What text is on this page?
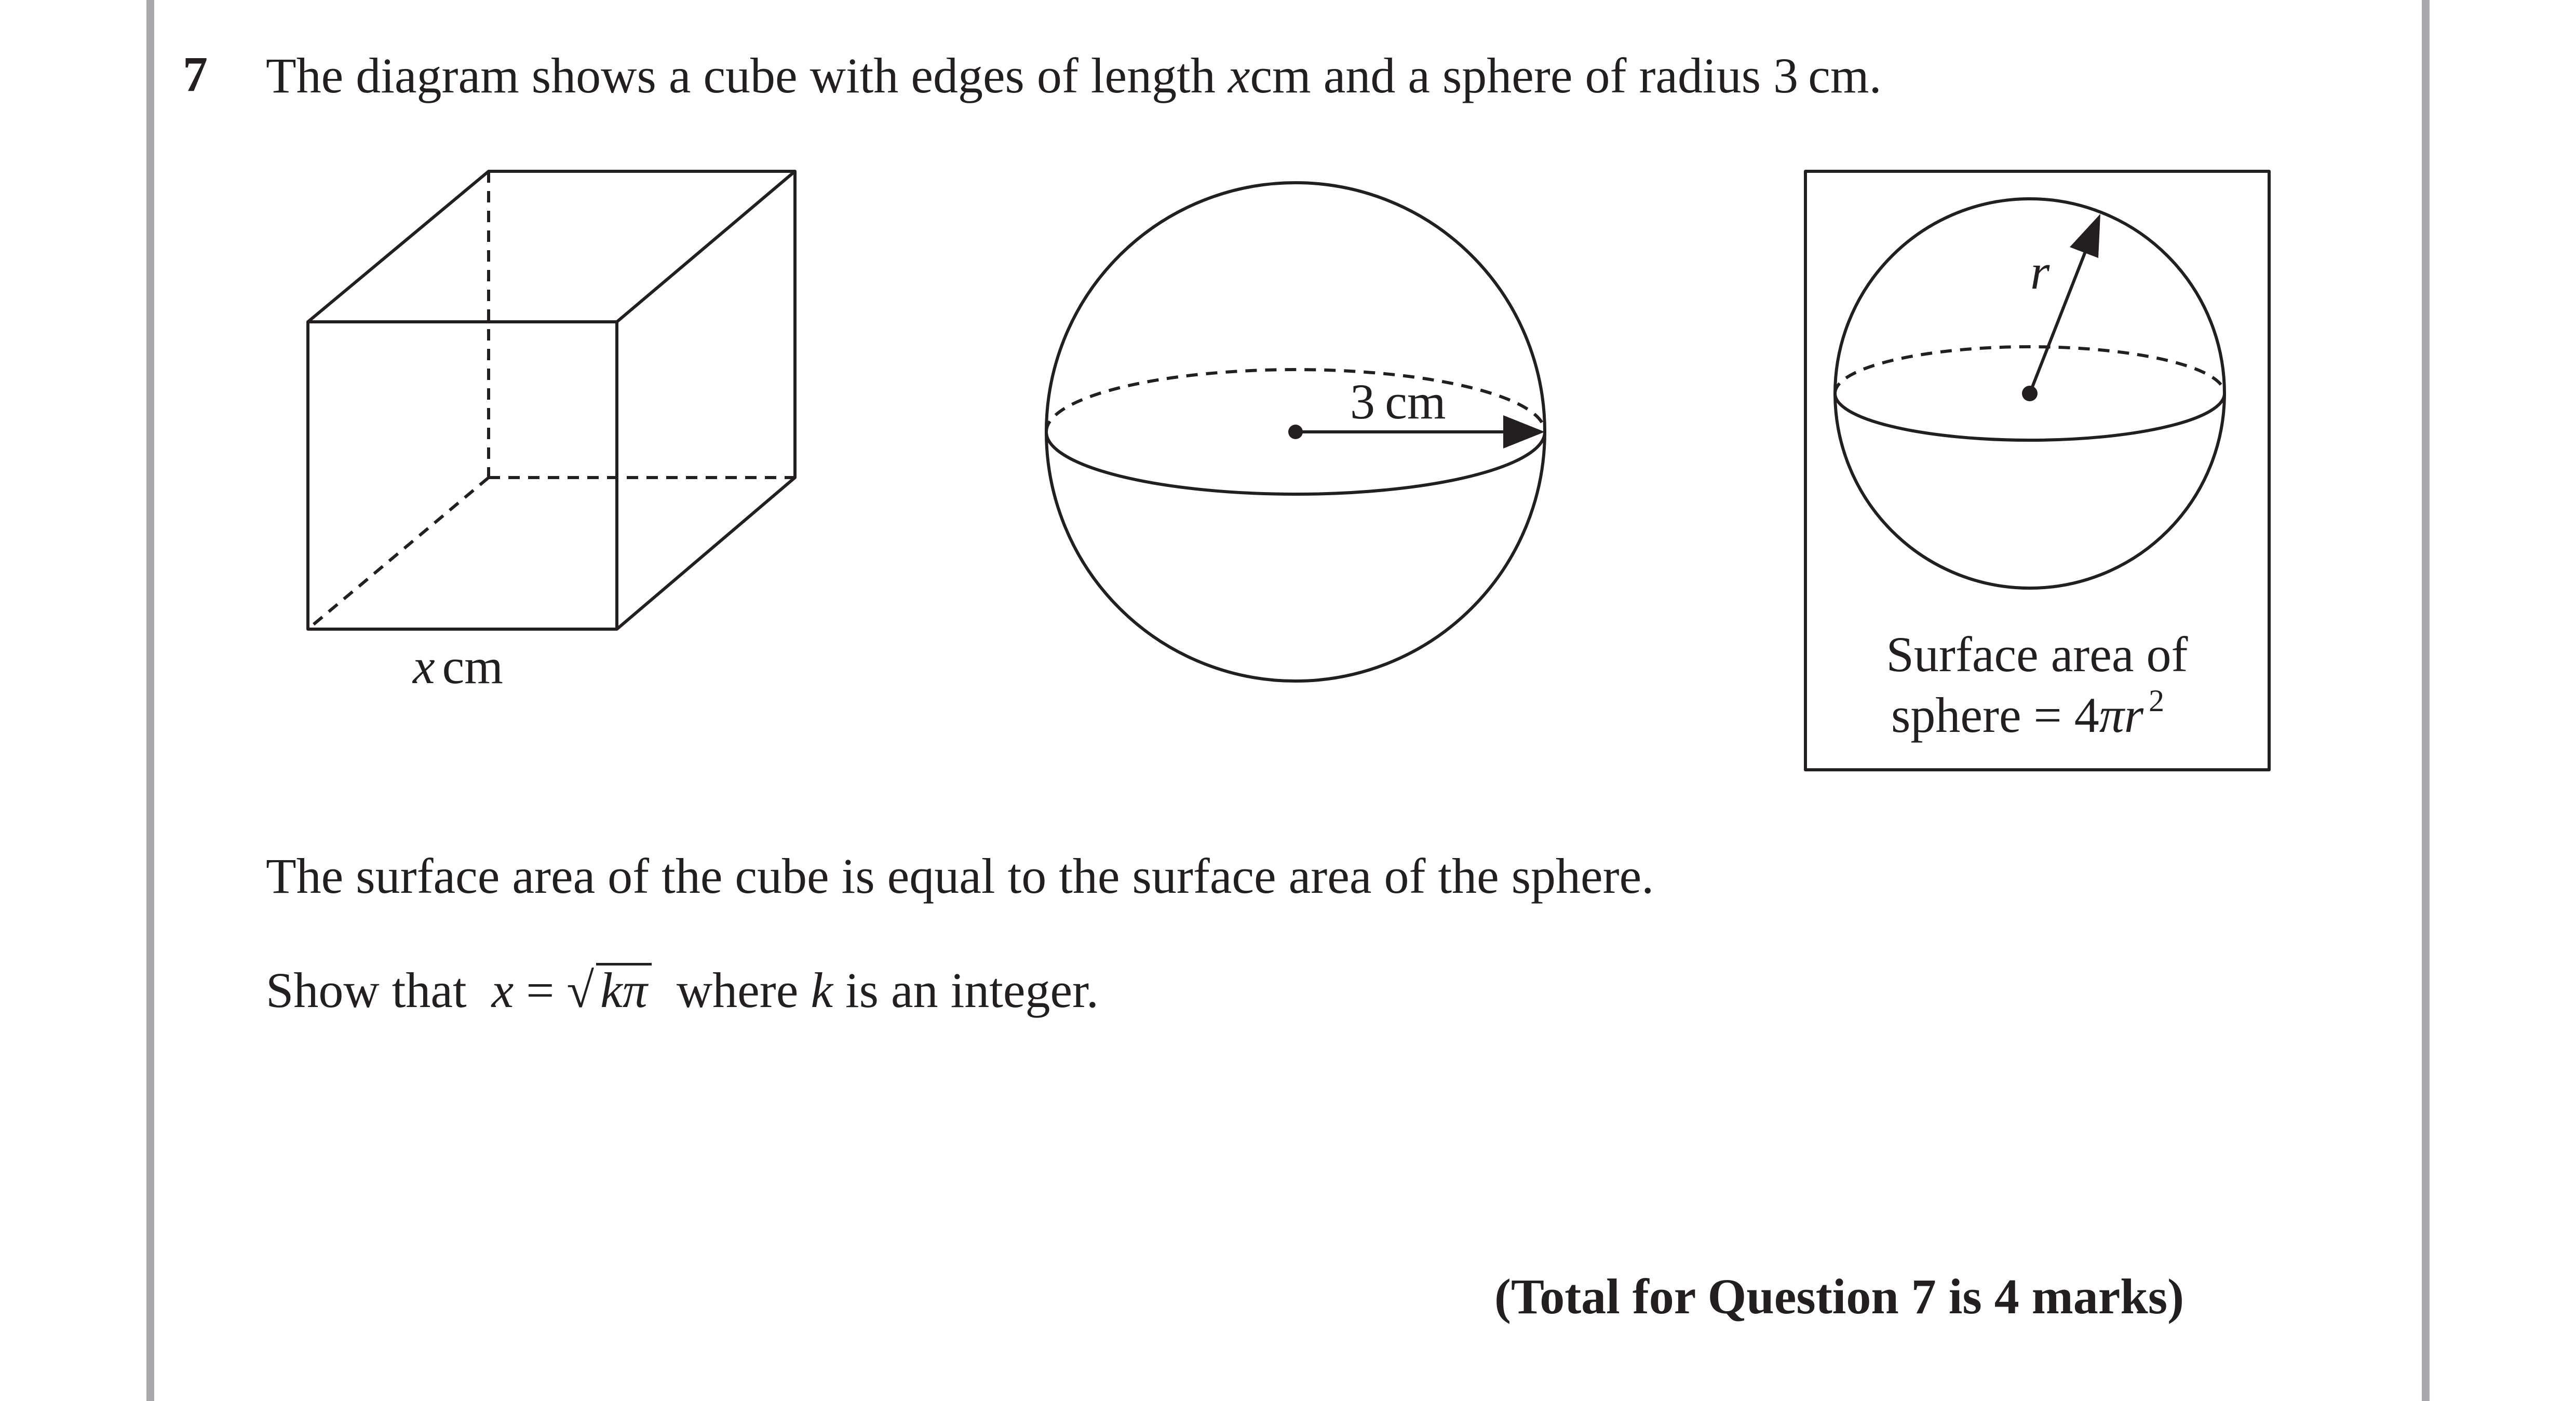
7 The diagram shows a cube with edges of length xcm and a sphere of radius 3 cm.
x cm
3 cm
r
Surface area of
sphere = 4πr $^2$
The surface area of the cube is equal to the surface area of the sphere.
Show that x = √ kπ where k is an integer.
(Total for Question 7 is 4 marks)
